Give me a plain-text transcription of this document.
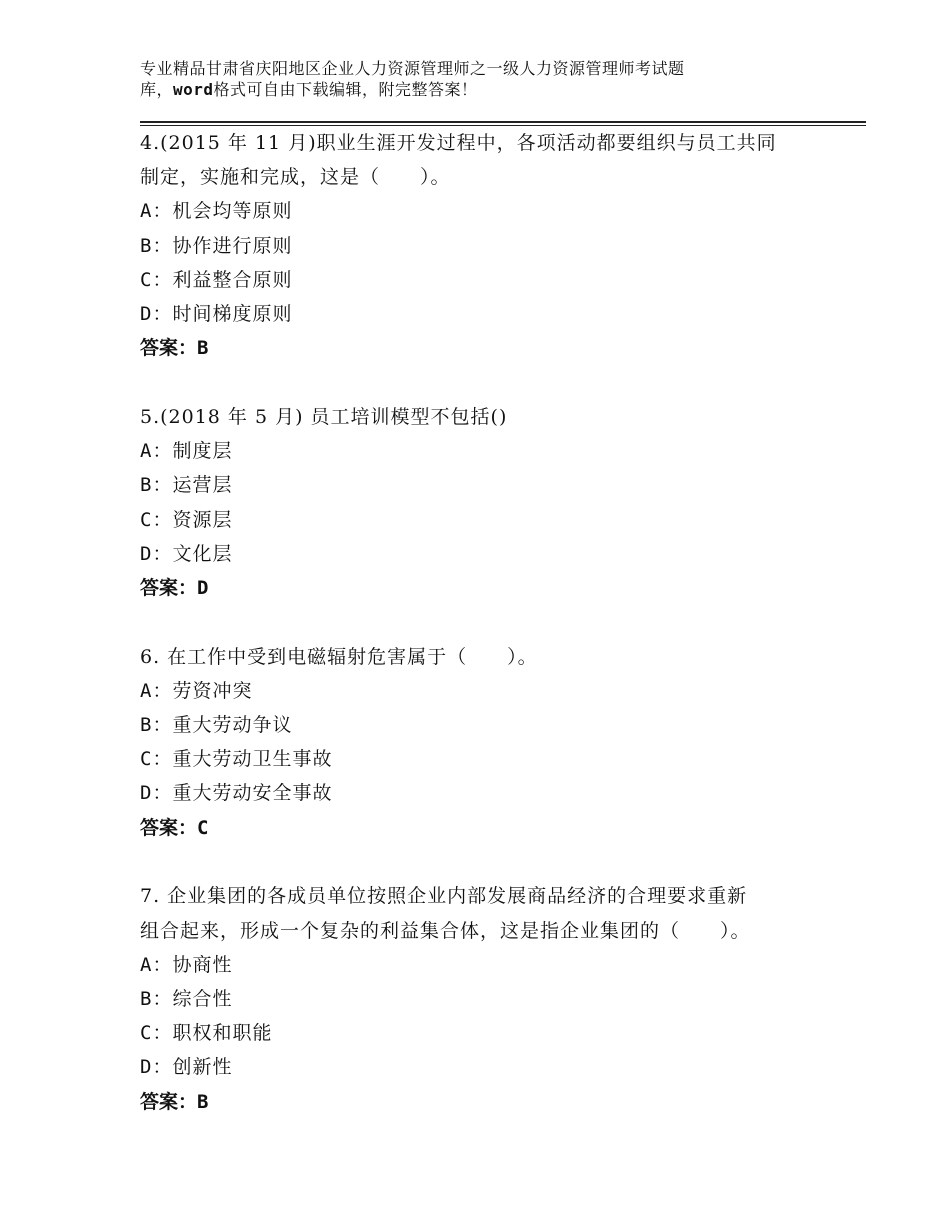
专业精品甘肃省庆阳地区企业人力资源管理师之一级人力资源管理师考试题
库，word格式可自由下载编辑，附完整答案！
4.(2015 年 11 月)职业生涯开发过程中，各项活动都要组织与员工共同
制定，实施和完成，这是（　　）。
A：机会均等原则
B：协作进行原则
C：利益整合原则
D：时间梯度原则
答案：B
5.(2018 年 5 月) 员工培训模型不包括()
A：制度层
B：运营层
C：资源层
D：文化层
答案：D
6. 在工作中受到电磁辐射危害属于（　　）。
A：劳资冲突
B：重大劳动争议
C：重大劳动卫生事故
D：重大劳动安全事故
答案：C
7. 企业集团的各成员单位按照企业内部发展商品经济的合理要求重新
组合起来，形成一个复杂的利益集合体，这是指企业集团的（　　）。
A：协商性
B：综合性
C：职权和职能
D：创新性
答案：B
